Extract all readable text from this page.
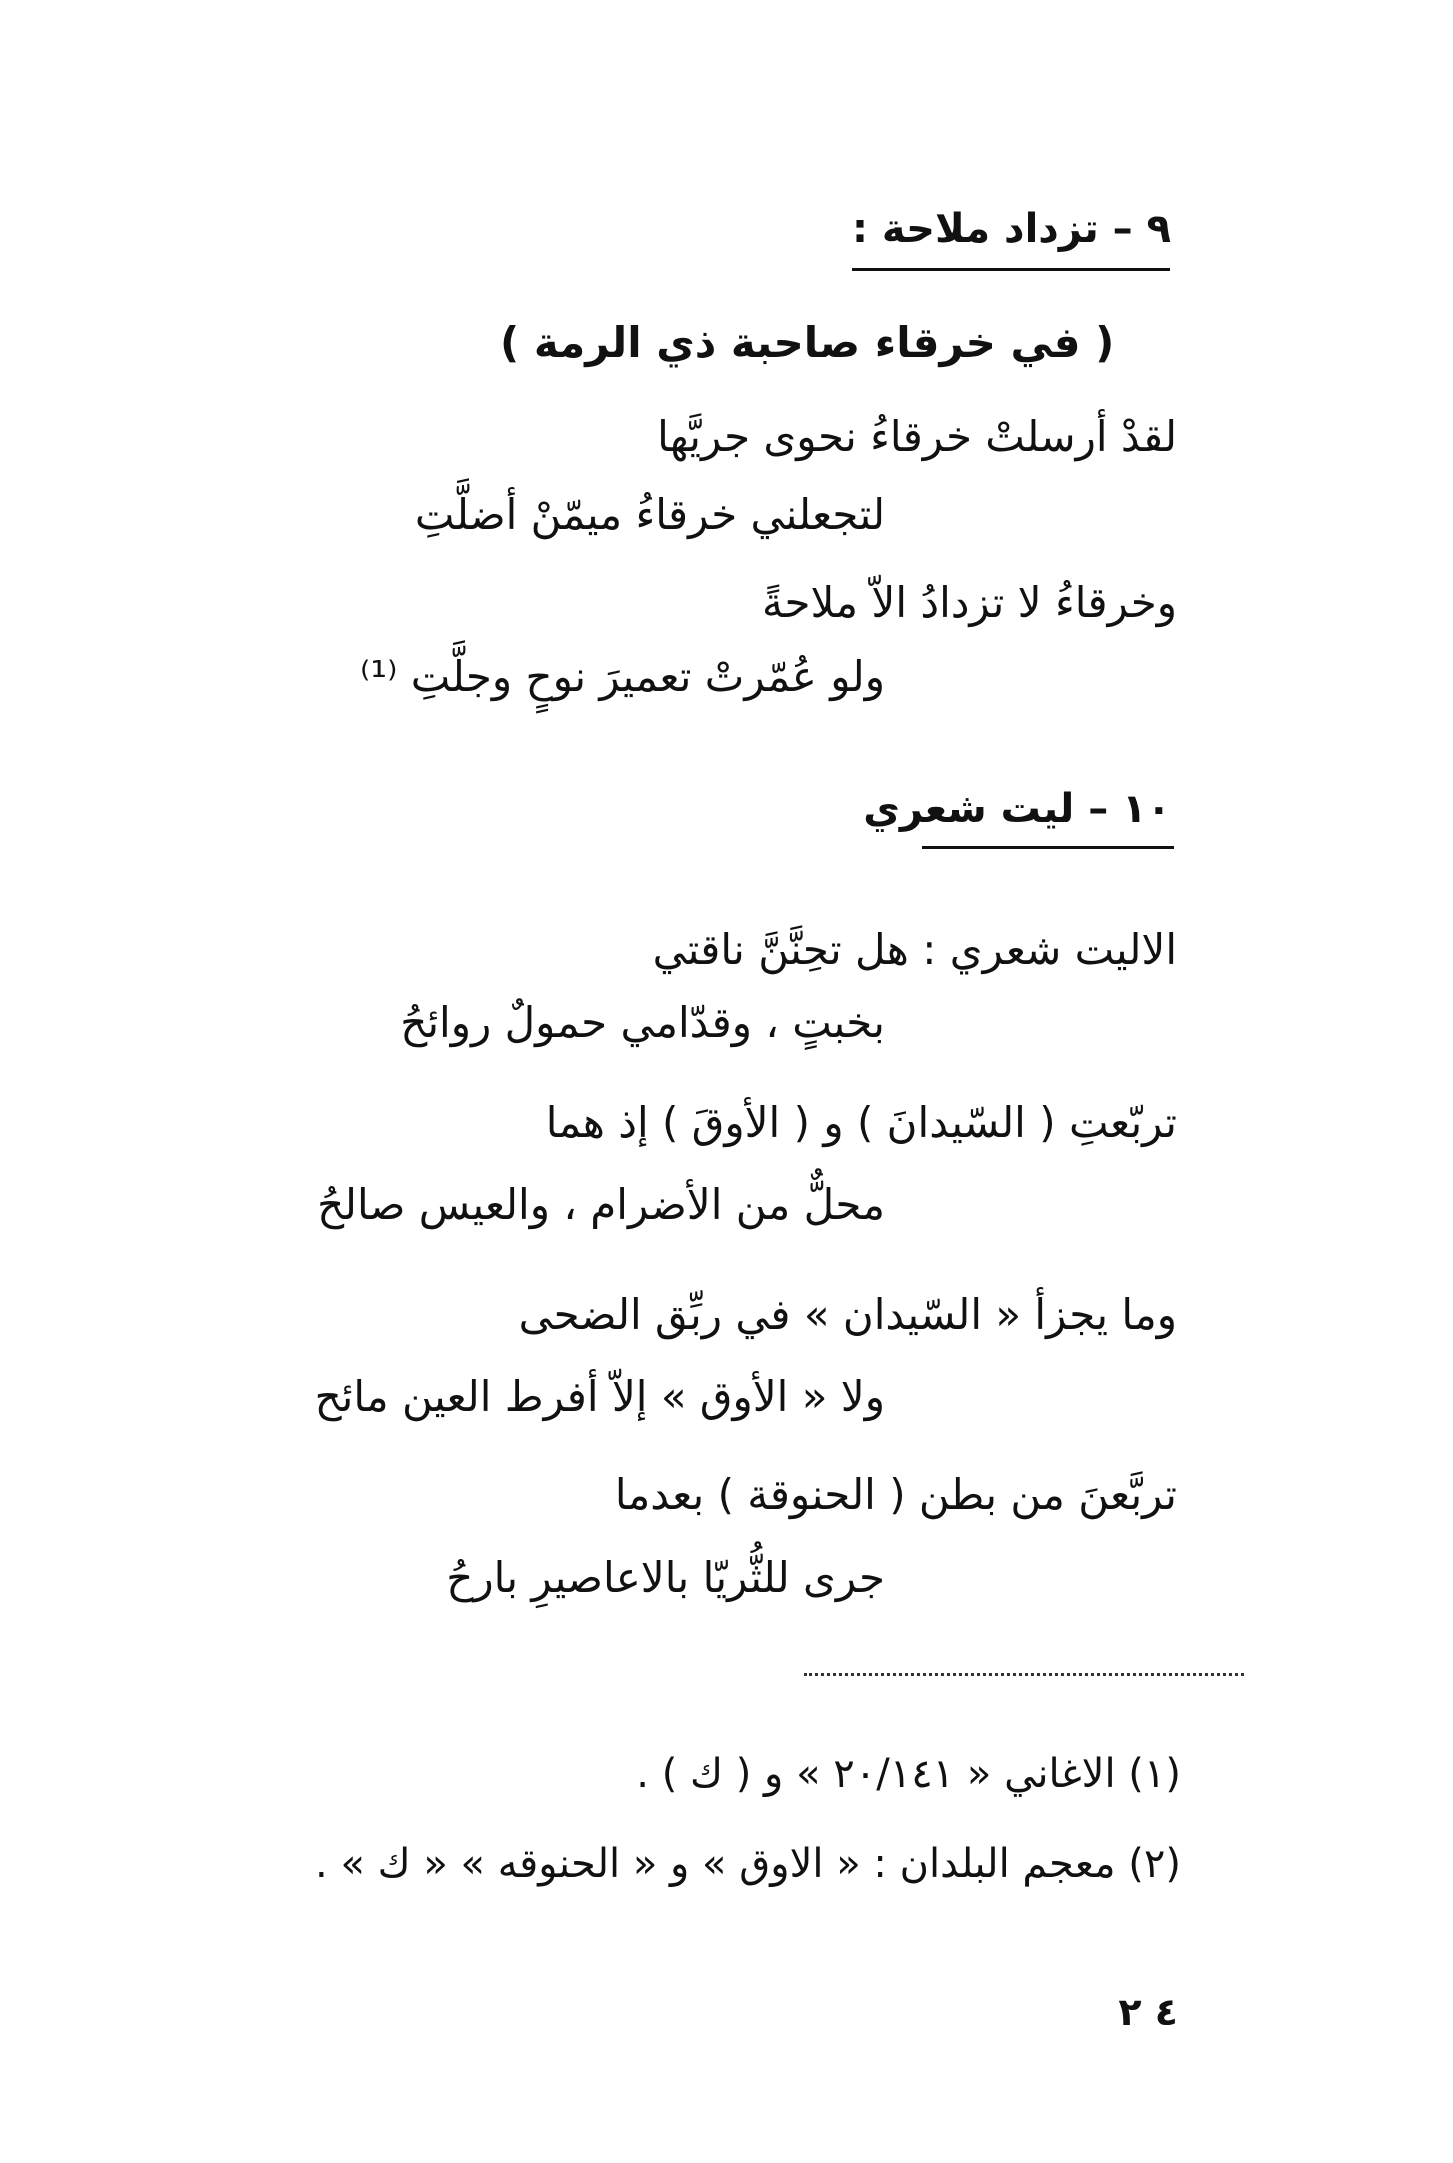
٩ – تزداد ملاحة :
( في خرقاء صاحبة ذي الرمة )
لقدْ أرسلتْ خرقاءُ نحوى جريَّها
لتجعلني خرقاءُ ميمّنْ أضلَّتِ
وخرقاءُ لا تزدادُ الاّ ملاحةً
ولو عُمّرتْ تعميرَ نوحٍ وجلَّتِ ⁽¹⁾
١٠ – ليت شعري
الاليت شعري : هل تحِنَّنَّ ناقتي
بخبتٍ ، وقدّامي حمولٌ روائحُ
تربّعتِ ( السّيدانَ ) و ( الأوقَ ) إذ هما
محلٌّ من الأضرام ، والعيس صالحُ
وما يجزأ « السّيدان » في ربِّق الضحى
ولا « الأوق » إلاّ أفرط العين مائح
تربَّعنَ من بطن ( الحنوقة ) بعدما
جرى للثُّريّا بالاعاصيرِ بارحُ
(١) الاغاني « ٢٠/١٤١ » و ( ك ) .
(٢) معجم البلدان : « الاوق » و « الحنوقه » « ك » .
٤ ٢
